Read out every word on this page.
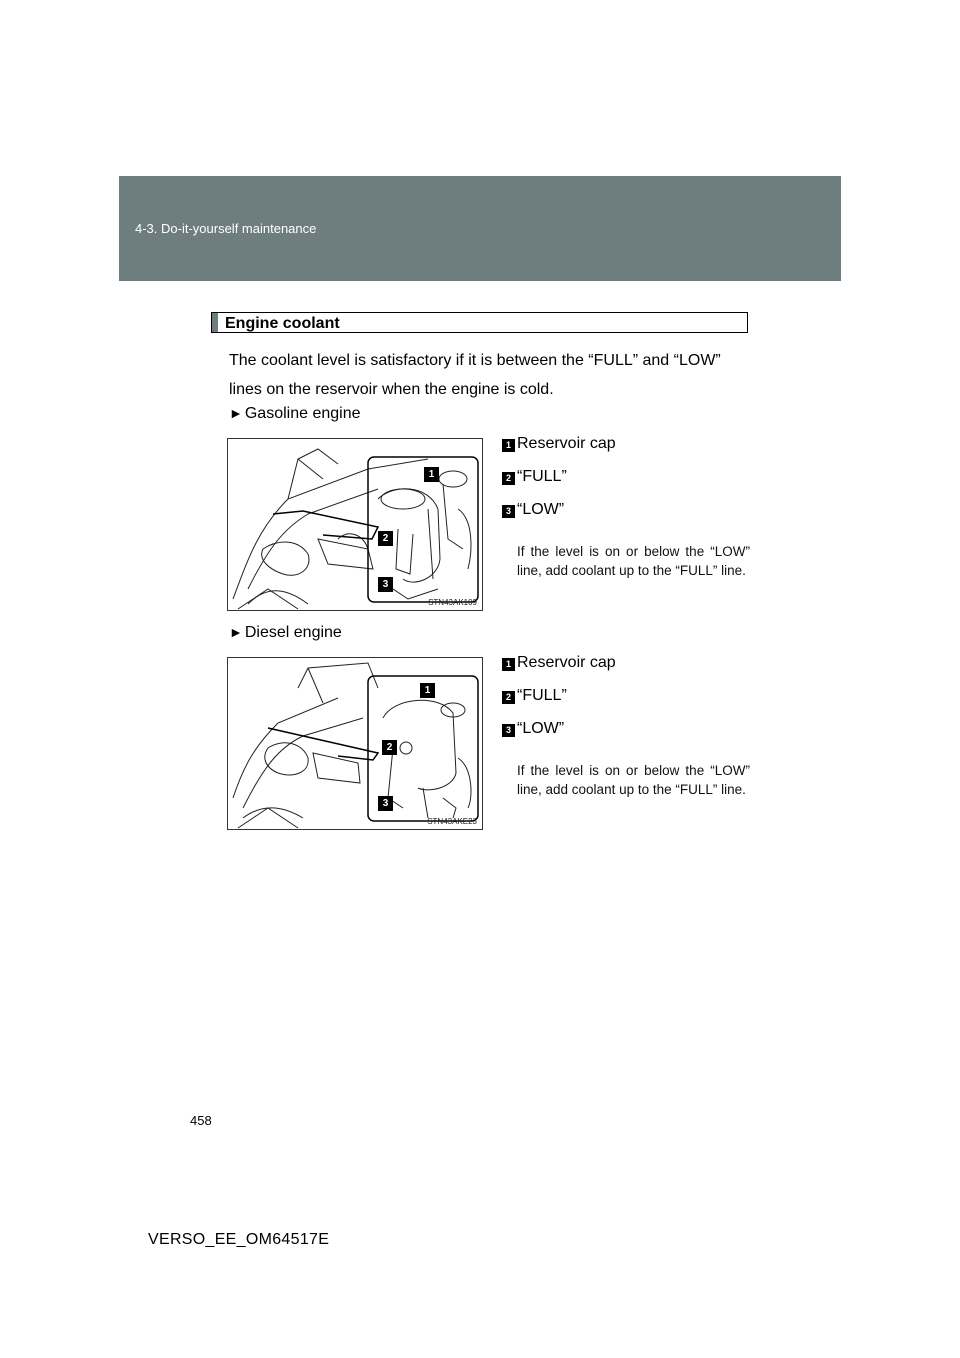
4-3. Do-it-yourself maintenance
Engine coolant
The coolant level is satisfactory if it is between the “FULL” and “LOW” lines on the reservoir when the engine is cold.
► Gasoline engine
1
2
3
STN43AK109
1 Reservoir cap
2 “FULL”
3 “LOW”
If the level is on or below the “LOW” line, add coolant up to the “FULL” line.
► Diesel engine
1
2
3
STN43AKE23
1 Reservoir cap
2 “FULL”
3 “LOW”
If the level is on or below the “LOW” line, add coolant up to the “FULL” line.
458
VERSO_EE_OM64517E
